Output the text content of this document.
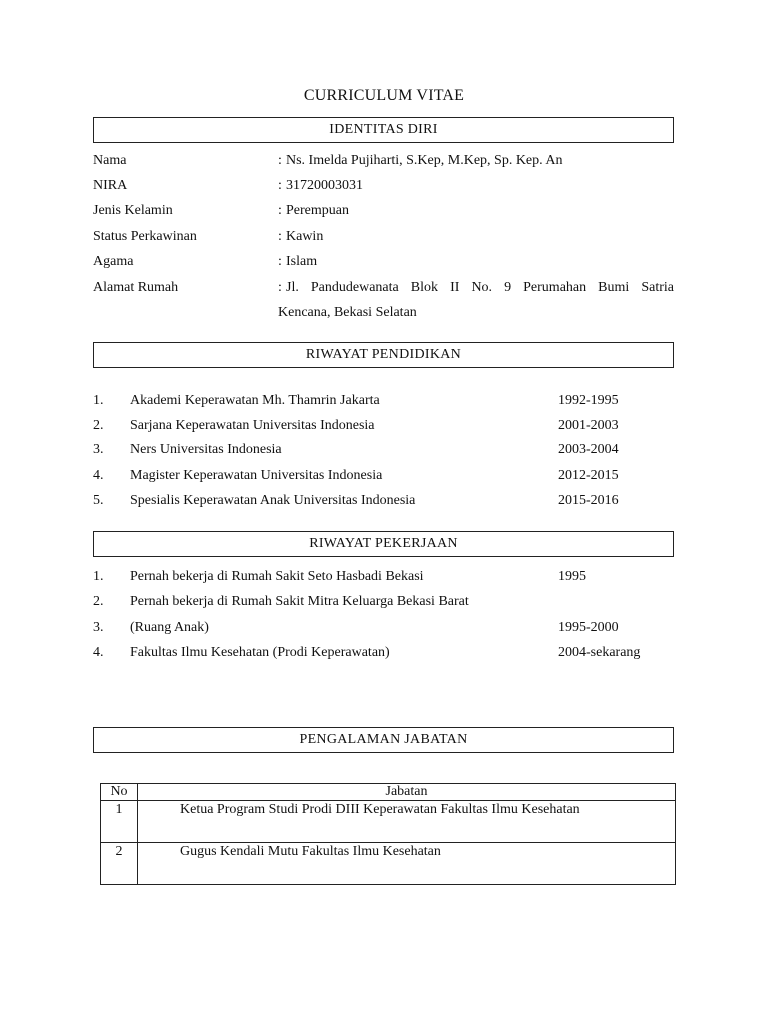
CURRICULUM VITAE
IDENTITAS DIRI
Nama	: Ns. Imelda Pujiharti, S.Kep, M.Kep, Sp. Kep. An
NIRA	: 31720003031
Jenis Kelamin	: Perempuan
Status Perkawinan	: Kawin
Agama	: Islam
Alamat Rumah	: Jl. Pandudewanata Blok II No. 9 Perumahan Bumi Satria
Kencana, Bekasi Selatan
RIWAYAT PENDIDIKAN
1. Akademi Keperawatan Mh. Thamrin Jakarta	1992-1995
2. Sarjana Keperawatan Universitas Indonesia	2001-2003
3. Ners Universitas Indonesia	2003-2004
4. Magister Keperawatan Universitas Indonesia	2012-2015
5. Spesialis Keperawatan Anak Universitas Indonesia	2015-2016
RIWAYAT PEKERJAAN
1. Pernah bekerja di Rumah Sakit Seto Hasbadi Bekasi	1995
2. Pernah bekerja di Rumah Sakit Mitra Keluarga Bekasi Barat
3. (Ruang Anak)	1995-2000
4. Fakultas Ilmu Kesehatan (Prodi Keperawatan)	2004-sekarang
PENGALAMAN JABATAN
No	Jabatan
1	Ketua Program Studi Prodi DIII Keperawatan Fakultas Ilmu Kesehatan
2	Gugus Kendali Mutu Fakultas Ilmu Kesehatan
